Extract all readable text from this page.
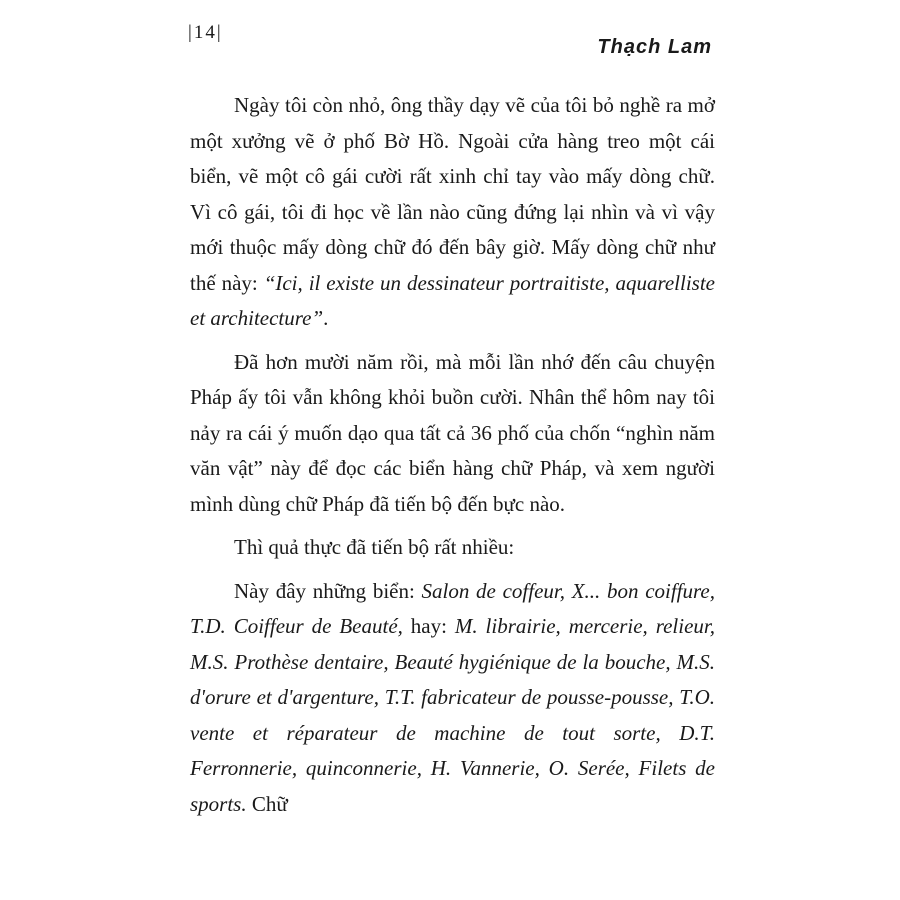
|14|
Thạch Lam

Ngày tôi còn nhỏ, ông thầy dạy vẽ của tôi bỏ nghề ra mở một xưởng vẽ ở phố Bờ Hồ. Ngoài cửa hàng treo một cái biển, vẽ một cô gái cười rất xinh chỉ tay vào mấy dòng chữ. Vì cô gái, tôi đi học về lần nào cũng đứng lại nhìn và vì vậy mới thuộc mấy dòng chữ đó đến bây giờ. Mấy dòng chữ như thế này: “Ici, il existe un dessinateur portraitiste, aquarelliste et architecture”.

Đã hơn mười năm rồi, mà mỗi lần nhớ đến câu chuyện Pháp ấy tôi vẫn không khỏi buồn cười. Nhân thể hôm nay tôi nảy ra cái ý muốn dạo qua tất cả 36 phố của chốn “nghìn năm văn vật” này để đọc các biển hàng chữ Pháp, và xem người mình dùng chữ Pháp đã tiến bộ đến bực nào.

Thì quả thực đã tiến bộ rất nhiều:

Này đây những biển: Salon de coffeur, X... bon coiffure, T.D. Coiffeur de Beauté, hay: M. librairie, mercerie, relieur, M.S. Prothèse dentaire, Beauté hygiénique de la bouche, M.S. d'orure et d'argenture, T.T. fabricateur de pousse-pousse, T.O. vente et réparateur de machine de tout sorte, D.T. Ferronnerie, quinconnerie, H. Vannerie, O. Serée, Filets de sports. Chữ
